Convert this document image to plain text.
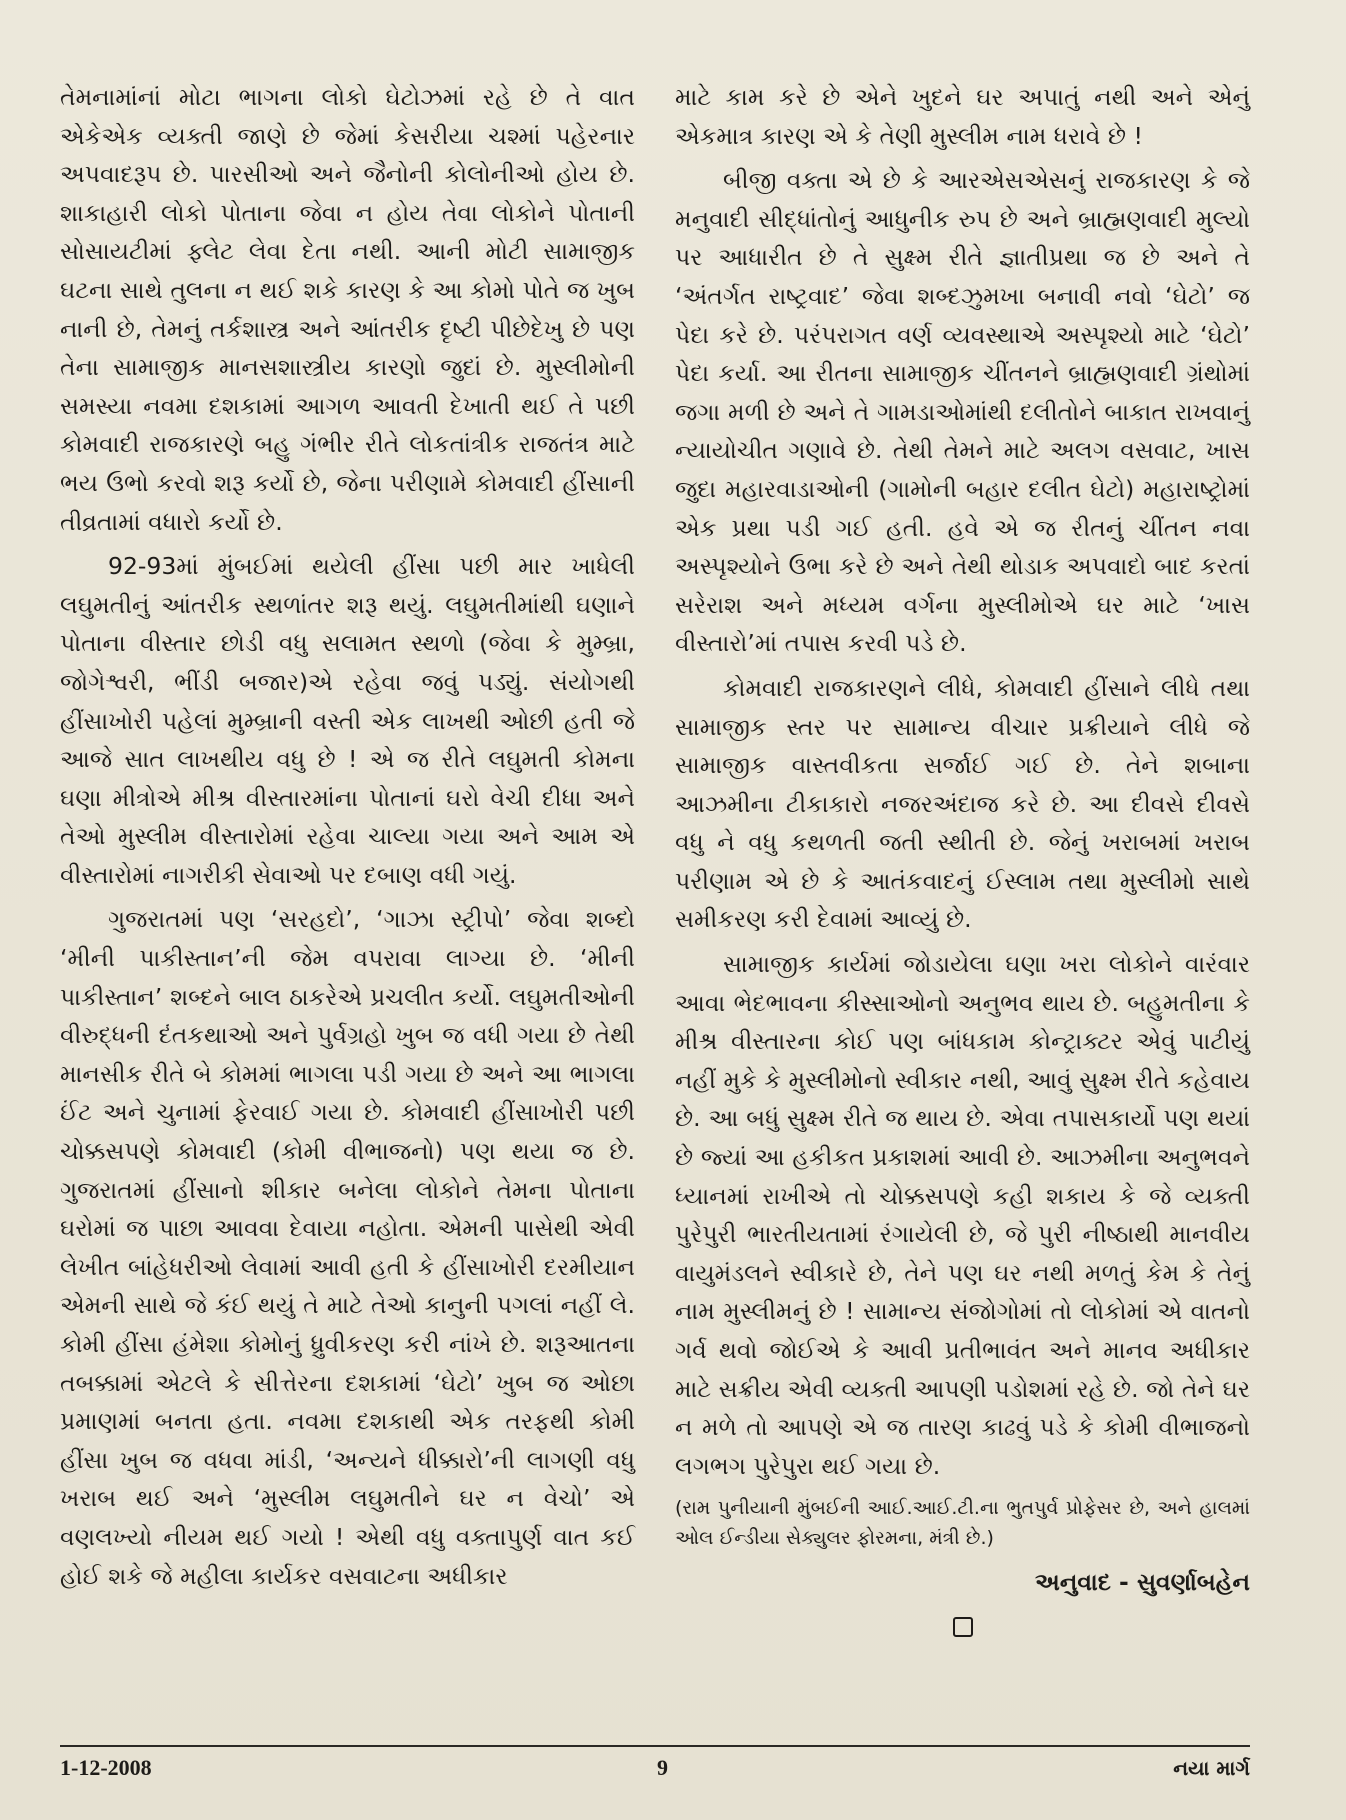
તેમનામાંનાં મોટા ભાગના લોકો ઘેટોઝમાં રહે છે તે વાત એકેએક વ્યક્તી જાણે છે જેમાં કેસરીયા ચશ્માં પહેરનાર અપવાદરૂપ છે. પારસીઓ અને જૈનોની કોલોનીઓ હોય છે. શાકાહારી લોકો પોતાના જેવા ન હોય તેવા લોકોને પોતાની સોસાયટીમાં ફ્લેટ લેવા દેતા નથી. આની મોટી સામાજીક ઘટના સાથે તુલના ન થઈ શકે કારણ કે આ કોમો પોતે જ ખુબ નાની છે, તેમનું તર્કશાસ્ત્ર અને આંતરીક દૃષ્ટી પીછેદેખુ છે પણ તેના સામાજીક માનસશાસ્ત્રીય કારણો જુદાં છે. મુસ્લીમોની સમસ્યા નવમા દશકામાં આગળ આવતી દેખાતી થઈ તે પછી કોમવાદી રાજકારણે બહુ ગંભીર રીતે લોકતાંત્રીક રાજતંત્ર માટે ભય ઉભો કરવો શરૂ કર્યો છે, જેના પરીણામે કોમવાદી હીંસાની તીવ્રતામાં વધારો કર્યો છે.

92-93માં મુંબઈમાં થયેલી હીંસા પછી માર ખાધેલી લઘુમતીનું આંતરીક સ્થળાંતર શરૂ થયું. લઘુમતીમાંથી ઘણાને પોતાના વીસ્તાર છોડી વધુ સલામત સ્થળો (જેવા કે મુમ્બ્રા, જોગેશ્વરી, ભીંડી બજાર)એ રહેવા જવું પડ્યું. સંયોગથી હીંસાખોરી પહેલાં મુમ્બ્રાની વસ્તી એક લાખથી ઓછી હતી જે આજે સાત લાખથીય વધુ છે ! એ જ રીતે લઘુમતી કોમના ઘણા મીત્રોએ મીશ્ર વીસ્તારમાંના પોતાનાં ઘરો વેચી દીધા અને તેઓ મુસ્લીમ વીસ્તારોમાં રહેવા ચાલ્યા ગયા અને આમ એ વીસ્તારોમાં નાગરીકી સેવાઓ પર દબાણ વધી ગયું.

ગુજરાતમાં પણ ‘સરહદો’, ‘ગાઝા સ્ટ્રીપો’ જેવા શબ્દો ‘મીની પાકીસ્તાન’ની જેમ વપરાવા લાગ્યા છે. ‘મીની પાકીસ્તાન’ શબ્દને બાલ ઠાકરેએ પ્રચલીત કર્યો. લઘુમતીઓની વીરુદ્ધની દંતકથાઓ અને પુર્વગ્રહો ખુબ જ વધી ગયા છે તેથી માનસીક રીતે બે કોમમાં ભાગલા પડી ગયા છે અને આ ભાગલા ઈંટ અને ચુનામાં ફેરવાઈ ગયા છે. કોમવાદી હીંસાખોરી પછી ચોક્કસપણે કોમવાદી (કોમી વીભાજનો) પણ થયા જ છે. ગુજરાતમાં હીંસાનો શીકાર બનેલા લોકોને તેમના પોતાના ઘરોમાં જ પાછા આવવા દેવાયા નહોતા. એમની પાસેથી એવી લેખીત બાંહેધરીઓ લેવામાં આવી હતી કે હીંસાખોરી દરમીયાન એમની સાથે જે કંઈ થયું તે માટે તેઓ કાનુની પગલાં નહીં લે. કોમી હીંસા હંમેશા કોમોનું ધ્રુવીકરણ કરી નાંખે છે. શરૂઆતના તબક્કામાં એટલે કે સીત્તેરના દશકામાં ‘ઘેટો’ ખુબ જ ઓછા પ્રમાણમાં બનતા હતા. નવમા દશકાથી એક તરફથી કોમી હીંસા ખુબ જ વધવા માંડી, ‘અન્યને ધીક્કારો’ની લાગણી વધુ ખરાબ થઈ અને ‘મુસ્લીમ લઘુમતીને ઘર ન વેચો’ એ વણલખ્યો નીયમ થઈ ગયો ! એથી વધુ વક્તાપુર્ણ વાત કઈ હોઈ શકે જે મહીલા કાર્યકર વસવાટના અધીકાર

માટે કામ કરે છે એને ખુદને ઘર અપાતું નથી અને એનું એકમાત્ર કારણ એ કે તેણી મુસ્લીમ નામ ધરાવે છે !

બીજી વક્તા એ છે કે આરએસએસનું રાજકારણ કે જે મનુવાદી સીદ્ધાંતોનું આધુનીક રુપ છે અને બ્રાહ્મણવાદી મુલ્યો પર આધારીત છે તે સુક્ષ્મ રીતે જ્ઞાતીપ્રથા જ છે અને તે ‘અંતર્ગત રાષ્ટ્રવાદ’ જેવા શબ્દઝુમખા બનાવી નવો ‘ઘેટો’ જ પેદા કરે છે. પરંપરાગત વર્ણ વ્યવસ્થાએ અસ્પૃશ્યો માટે ‘ઘેટો’ પેદા કર્યા. આ રીતના સામાજીક ચીંતનને બ્રાહ્મણવાદી ગ્રંથોમાં જગા મળી છે અને તે ગામડાઓમાંથી દલીતોને બાકાત રાખવાનું ન્યાયોચીત ગણાવે છે. તેથી તેમને માટે અલગ વસવાટ, ખાસ જુદા મહારવાડાઓની (ગામોની બહાર દલીત ઘેટો) મહારાષ્ટ્રોમાં એક પ્રથા પડી ગઈ હતી. હવે એ જ રીતનું ચીંતન નવા અસ્પૃશ્યોને ઉભા કરે છે અને તેથી થોડાક અપવાદો બાદ કરતાં સરેરાશ અને મધ્યમ વર્ગના મુસ્લીમોએ ઘર માટે ‘ખાસ વીસ્તારો’માં તપાસ કરવી પડે છે.

કોમવાદી રાજકારણને લીધે, કોમવાદી હીંસાને લીધે તથા સામાજીક સ્તર પર સામાન્ય વીચાર પ્રક્રીયાને લીધે જે સામાજીક વાસ્તવીકતા સર્જાઈ ગઈ છે. તેને શબાના આઝમીના ટીકાકારો નજરઅંદાજ કરે છે. આ દીવસે દીવસે વધુ ને વધુ કથળતી જતી સ્થીતી છે. જેનું ખરાબમાં ખરાબ પરીણામ એ છે કે આતંકવાદનું ઈસ્લામ તથા મુસ્લીમો સાથે સમીકરણ કરી દેવામાં આવ્યું છે.

સામાજીક કાર્યમાં જોડાયેલા ઘણા ખરા લોકોને વારંવાર આવા ભેદભાવના કીસ્સાઓનો અનુભવ થાય છે. બહુમતીના કે મીશ્ર વીસ્તારના કોઈ પણ બાંધકામ કોન્ટ્રાક્ટર એવું પાટીયું નહીં મુકે કે મુસ્લીમોનો સ્વીકાર નથી, આવું સુક્ષ્મ રીતે કહેવાય છે. આ બધું સુક્ષ્મ રીતે જ થાય છે. એવા તપાસકાર્યો પણ થયાં છે જ્યાં આ હકીકત પ્રકાશમાં આવી છે. આઝમીના અનુભવને ધ્યાનમાં રાખીએ તો ચોક્કસપણે કહી શકાય કે જે વ્યક્તી પુરેપુરી ભારતીયતામાં રંગાયેલી છે, જે પુરી નીષ્ઠાથી માનવીય વાયુમંડલને સ્વીકારે છે, તેને પણ ઘર નથી મળતું કેમ કે તેનું નામ મુસ્લીમનું છે ! સામાન્ય સંજોગોમાં તો લોકોમાં એ વાતનો ગર્વ થવો જોઈએ કે આવી પ્રતીભાવંત અને માનવ અધીકાર માટે સક્રીય એવી વ્યક્તી આપણી પડોશમાં રહે છે. જો તેને ઘર ન મળે તો આપણે એ જ તારણ કાઢવું પડે કે કોમી વીભાજનો લગભગ પુરેપુરા થઈ ગયા છે.

(રામ પુનીયાની મુંબઈની આઈ.આઈ.ટી.ના ભુતપુર્વ પ્રોફેસર છે, અને હાલમાં ઓલ ઈન્ડીયા સેક્યુલર ફોરમના, મંત્રી છે.)

અનુવાદ - સુવર્ણાબહેન

1-12-2008	9	નયા માર્ગ
